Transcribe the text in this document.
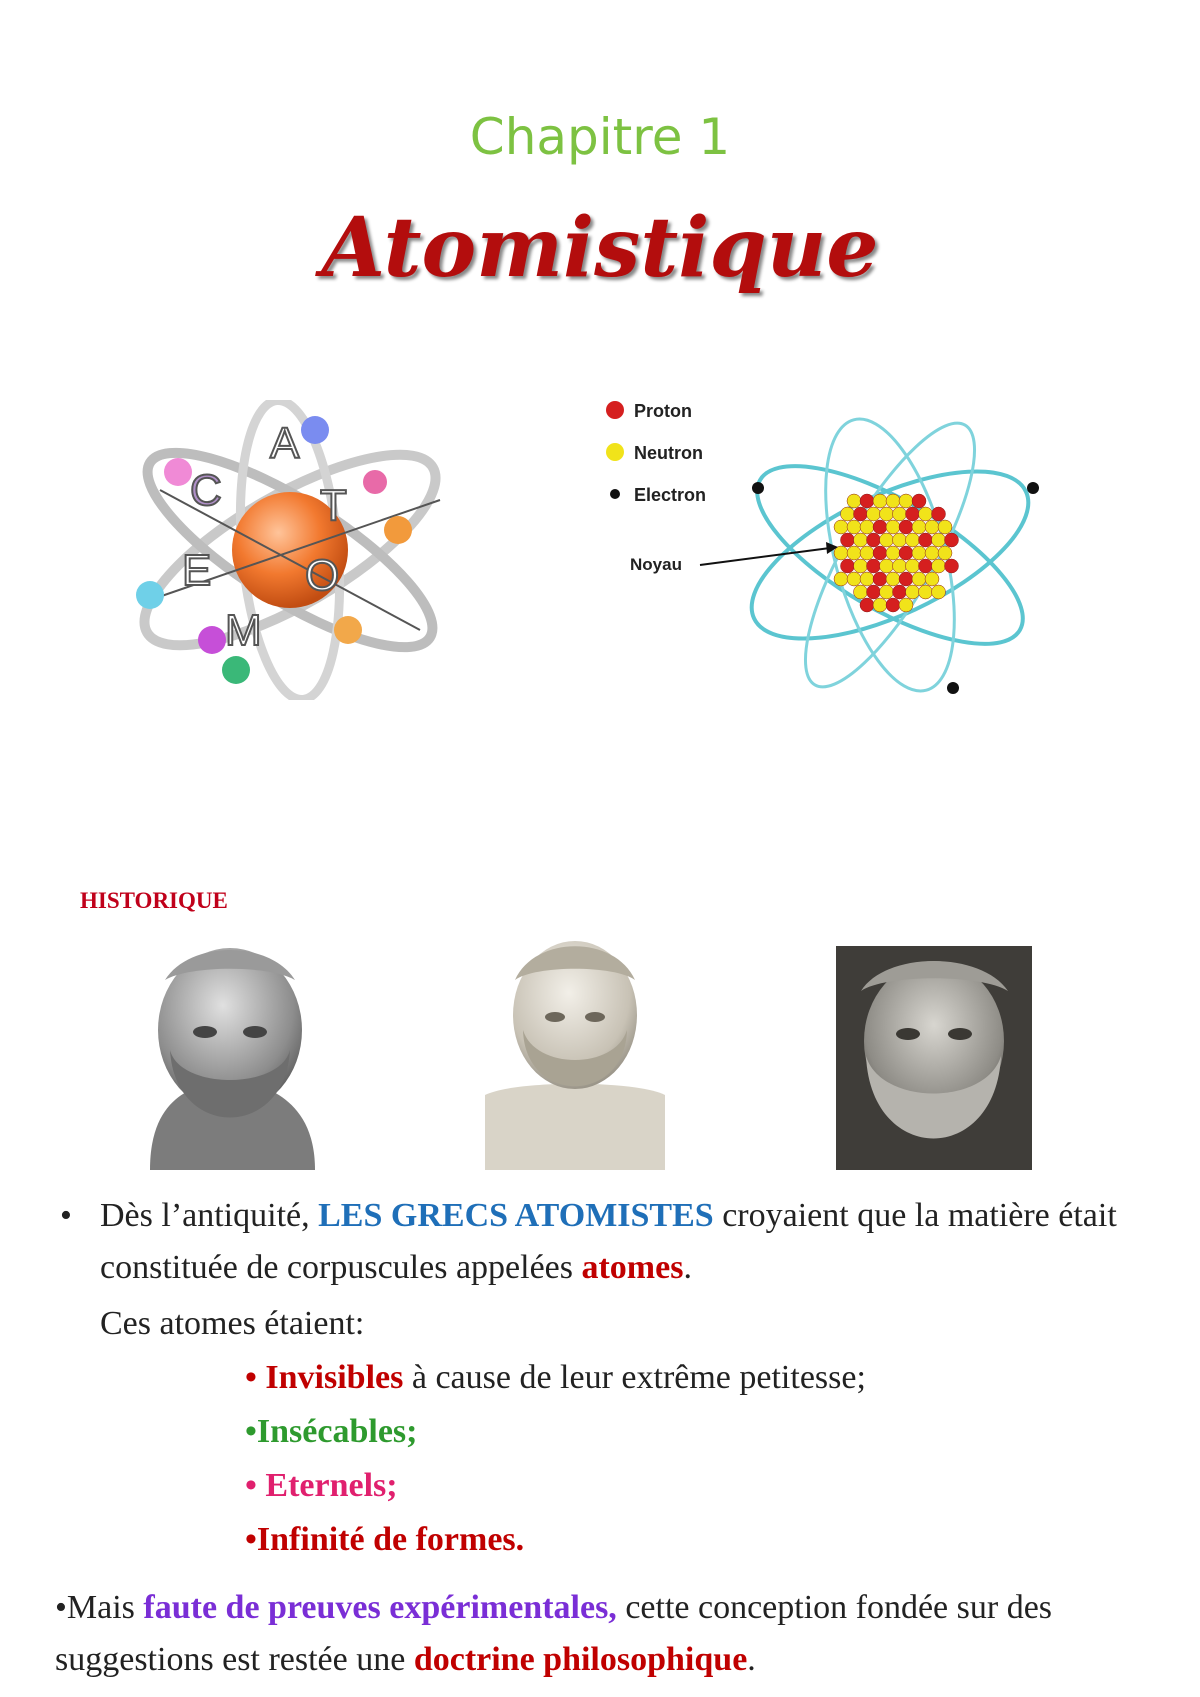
Chapitre 1
Atomistique
A
T
O
M
E
C
Proton
Neutron
Electron
Noyau
HISTORIQUE
• Dès l’antiquité, LES GRECS ATOMISTES croyaient que la matière était constituée de corpuscules appelées atomes.
Ces atomes étaient:
• Invisibles à cause de leur extrême petitesse;
•Insécables;
• Eternels;
•Infinité de formes.
•Mais faute de preuves expérimentales, cette conception fondée sur des suggestions est restée une doctrine philosophique.
